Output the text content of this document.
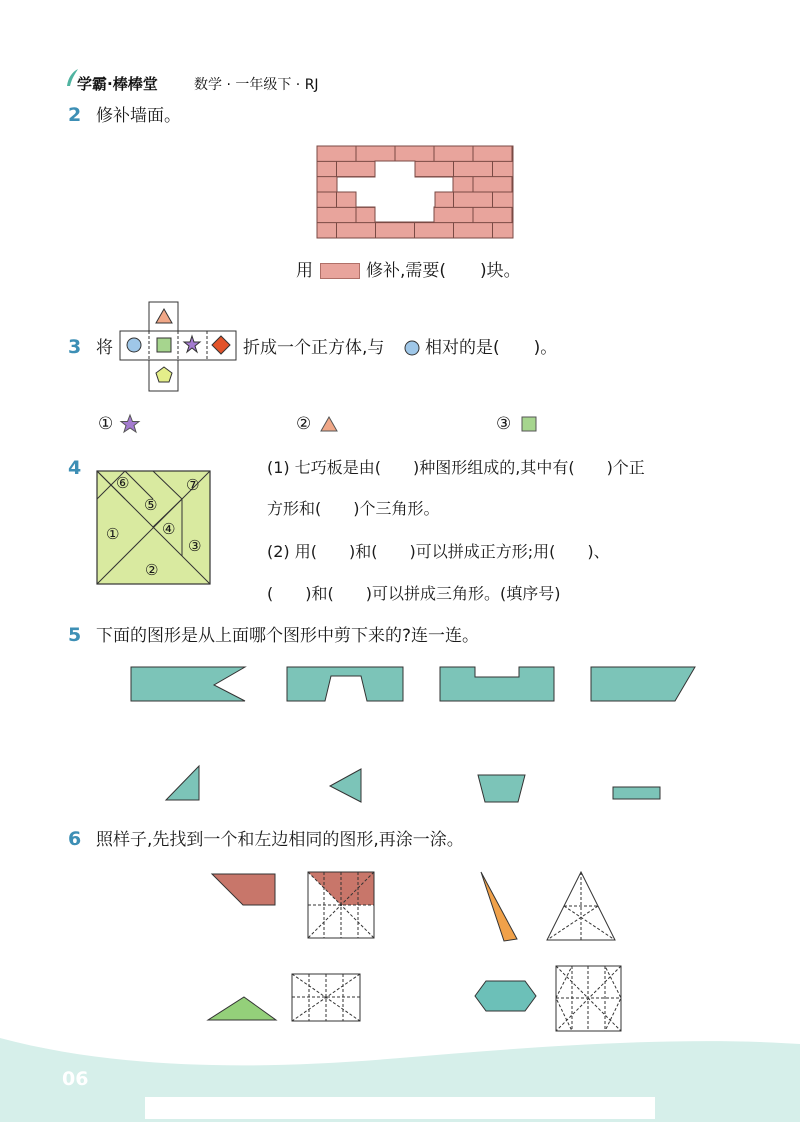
学霸·棒棒堂	数学 · 一年级下 · RJ
2 修补墙面。
用	修补,需要(　　)块。
3 将	折成一个正方体,与 相对的是(　　)。
①	②	③
4
⑥
⑤
⑦
①	④
③
②
(1) 七巧板是由(　　)种图形组成的,其中有(　　)个正
方形和(　　)个三角形。
(2) 用(　　)和(　　)可以拼成正方形;用(　　)、
(　　)和(　　)可以拼成三角形。(填序号)
5 下面的图形是从上面哪个图形中剪下来的?连一连。
6 照样子,先找到一个和左边相同的图形,再涂一涂。
06
